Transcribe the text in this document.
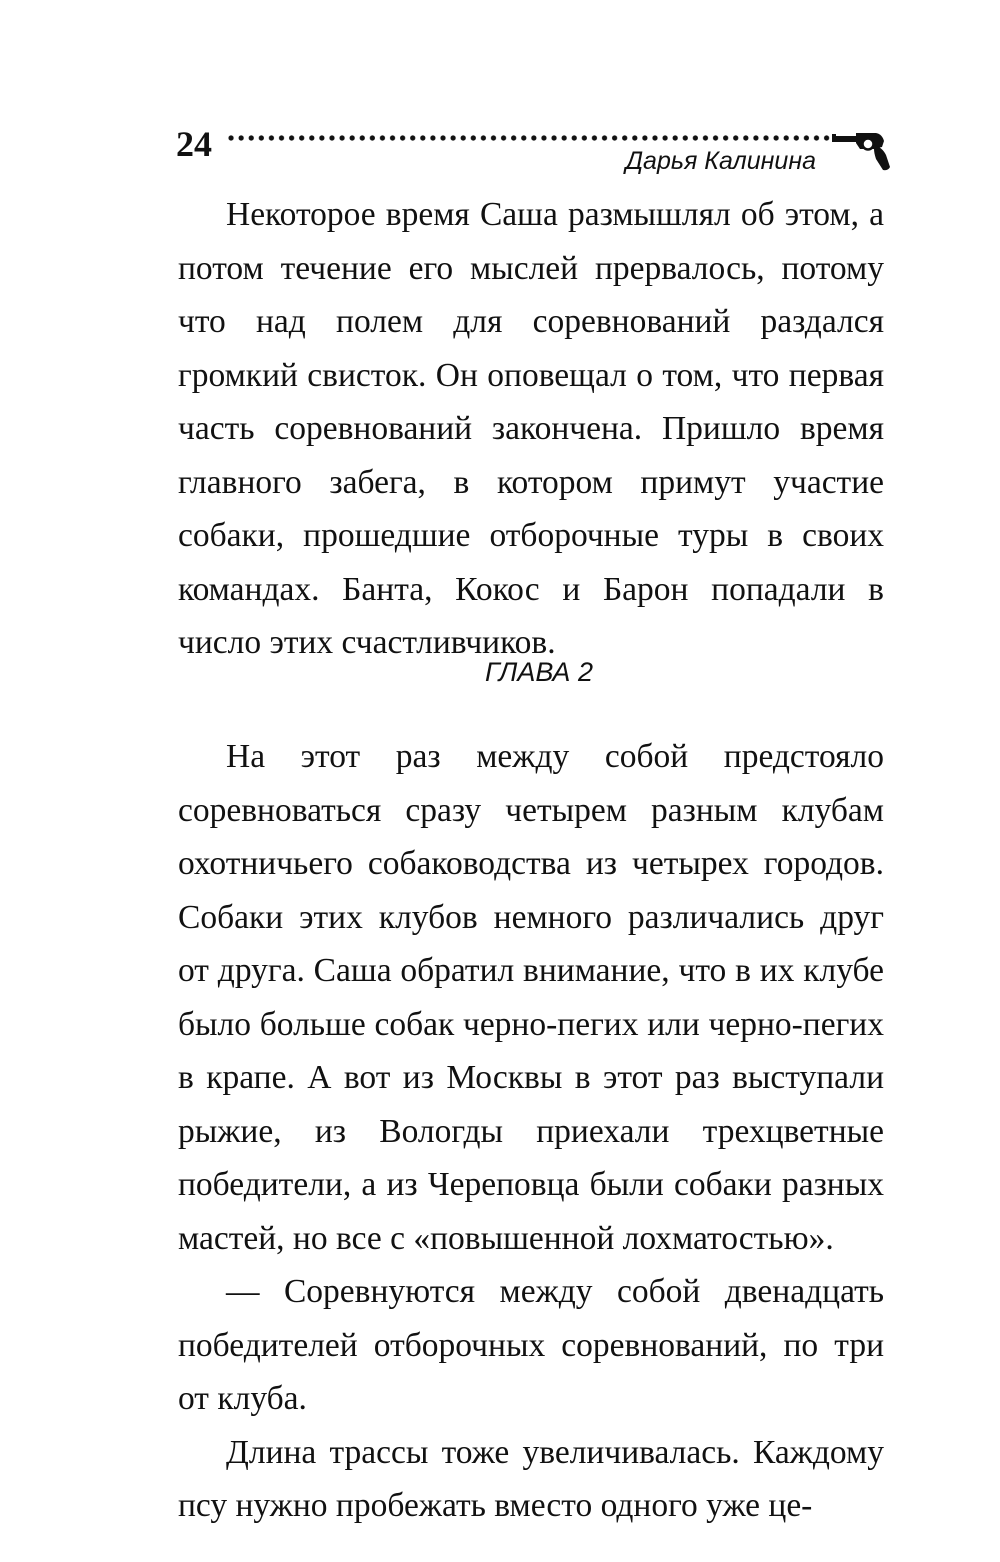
24	Дарья Калинина

Некоторое время Саша размышлял об этом, а потом течение его мыслей прервалось, потому что над полем для соревнований раздался громкий свисток. Он оповещал о том, что первая часть соревнований закончена. Пришло время главного забега, в котором примут участие собаки, прошедшие отборочные туры в своих командах. Банта, Кокос и Барон попадали в число этих счастливчиков.

ГЛАВА 2

На этот раз между собой предстояло соревноваться сразу четырем разным клубам охотничьего собаководства из четырех городов. Собаки этих клубов немного различались друг от друга. Саша обратил внимание, что в их клубе было больше собак черно-пегих или черно-пегих в крапе. А вот из Москвы в этот раз выступали рыжие, из Вологды приехали трехцветные победители, а из Череповца были собаки разных мастей, но все с «повышенной лохматостью».

— Соревнуются между собой двенадцать победителей отборочных соревнований, по три от клуба.

Длина трассы тоже увеличивалась. Каждому псу нужно пробежать вместо одного уже це-
